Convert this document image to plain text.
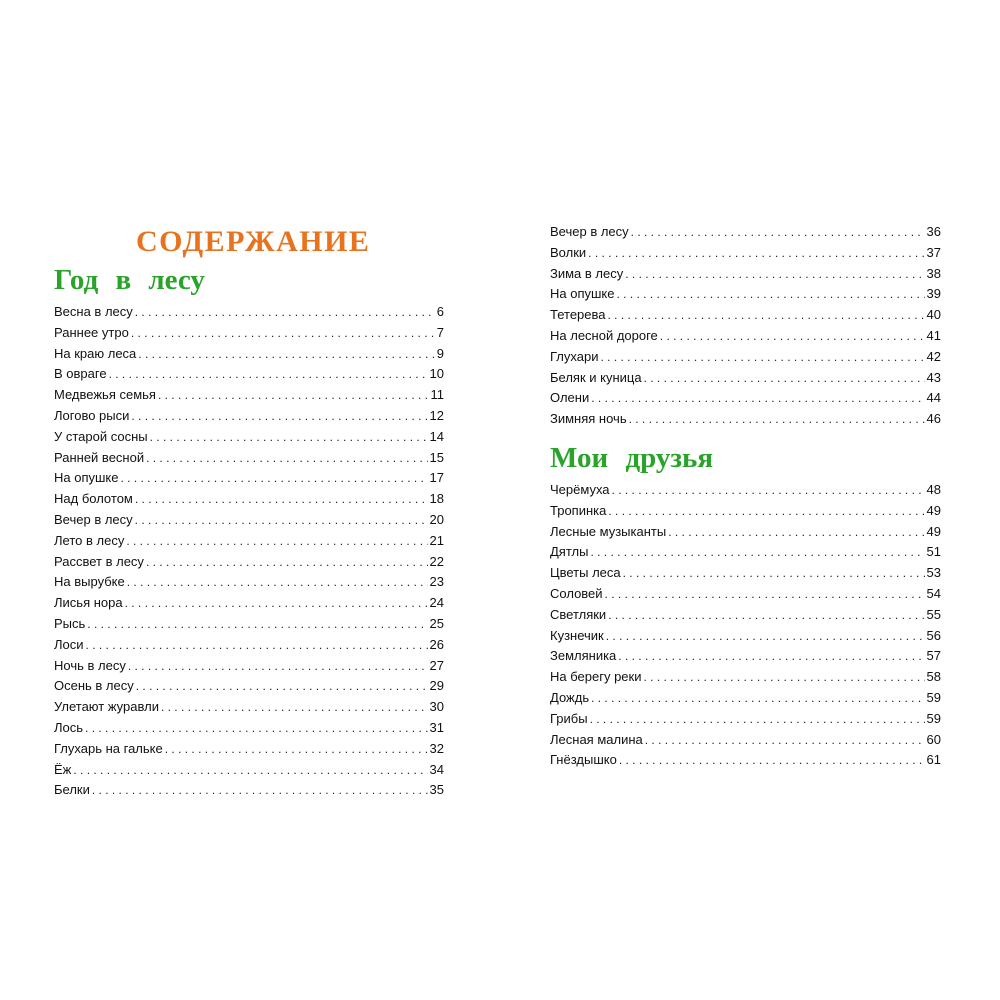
СОДЕРЖАНИЕ
Год в лесу
Весна в лесу . . .	6
Раннее утро . . .	7
На краю леса . . .	9
В овраге . . .	10
Медвежья семья . . .	11
Логово рыси . . .	12
У старой сосны . . .	14
Ранней весной . . .	15
На опушке . . .	17
Над болотом . . .	18
Вечер в лесу . . .	20
Лето в лесу . . .	21
Рассвет в лесу . . .	22
На вырубке . . .	23
Лисья нора . . .	24
Рысь . . .	25
Лоси . . .	26
Ночь в лесу . . .	27
Осень в лесу . . .	29
Улетают журавли . . .	30
Лось . . .	31
Глухарь на гальке . . .	32
Ёж . . .	34
Белки . . .	35
Вечер в лесу . . .	36
Волки . . .	37
Зима в лесу . . .	38
На опушке . . .	39
Тетерева . . .	40
На лесной дороге . . .	41
Глухари . . .	42
Беляк и куница . . .	43
Олени . . .	44
Зимняя ночь . . .	46
Мои друзья
Черёмуха . . .	48
Тропинка . . .	49
Лесные музыканты . . .	49
Дятлы . . .	51
Цветы леса . . .	53
Соловей . . .	54
Светляки . . .	55
Кузнечик . . .	56
Земляника . . .	57
На берегу реки . . .	58
Дождь . . .	59
Грибы . . .	59
Лесная малина . . .	60
Гнёздышко . . .	61
